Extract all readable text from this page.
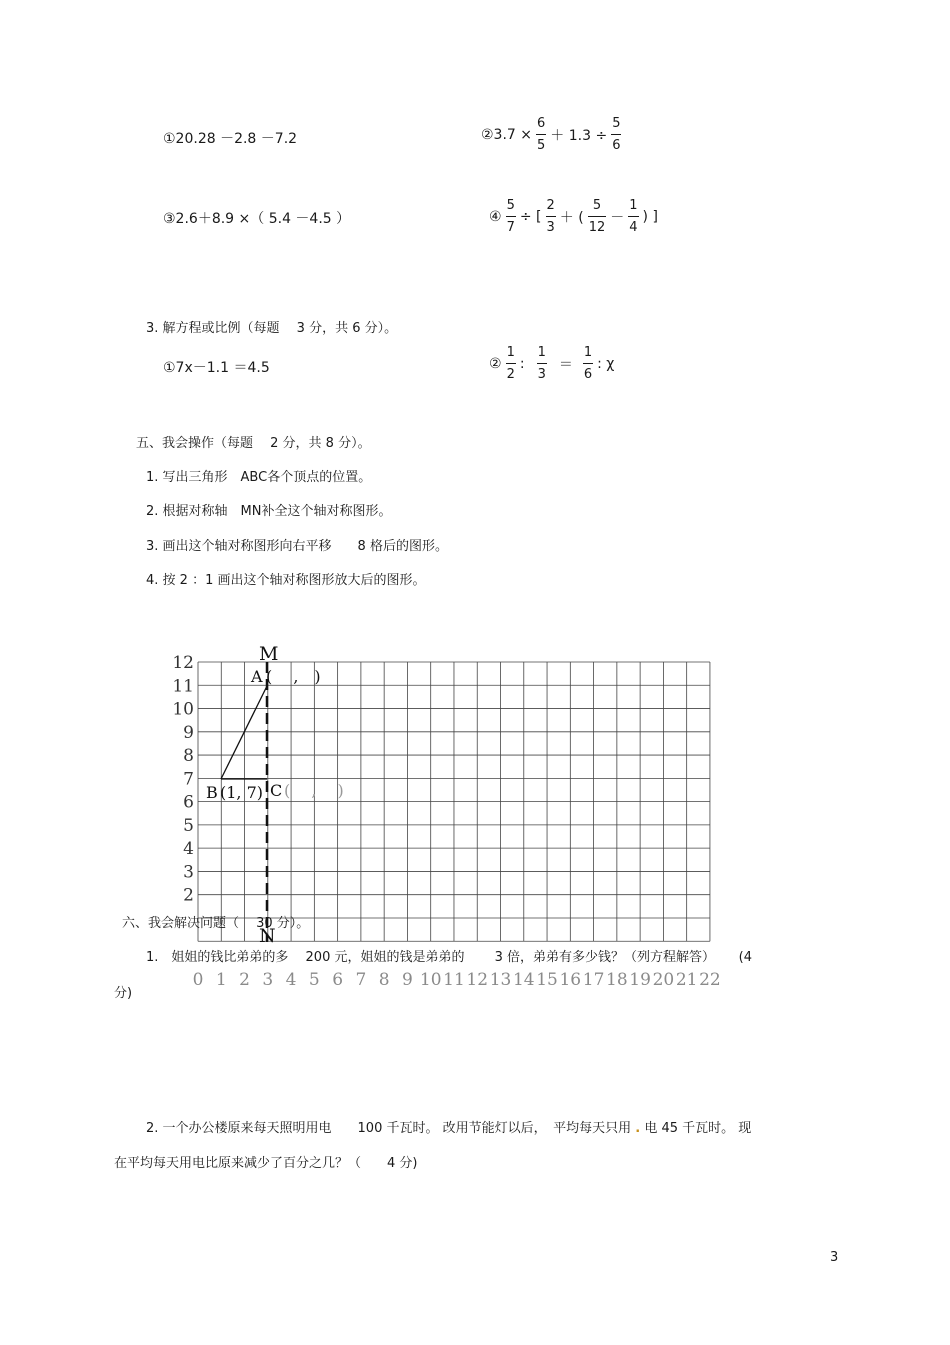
①20.28 －2.8 －7.2	②3.7 × $\frac{6}{5} + 1.3 \div \frac{5}{6}$
③2.6＋8.9 ×（ 5.4 －4.5 ）	④ $\frac{5}{7}$ ÷ [ $\frac{2}{3}$ ＋ ( $\frac{5}{12} - \frac{1}{4}$ ) ]
3. 解方程或比例（每题　 3 分，共 6 分）。
①7x－1.1 ＝4.5	② $\frac{1}{2}$ : $\frac{1}{3} = \frac{1}{6}$ : χ
五、我会操作（每题　 2 分，共 8 分）。
1. 写出三角形　ABC各个顶点的位置。
2. 根据对称轴　MN补全这个轴对称图形。
3. 画出这个轴对称图形向右平移　　8 格后的图形。
4. 按 2 ：1 画出这个轴对称图形放大后的图形。
12
11
10
9
8
7
6
5
4
3
2
0 1 2 3 4 5 6 7 8 9 10 11 12 13 14 15 16 17 18 19 20 21 22
M
N
A (　 ,　)
B (1, 7) C (　 ,　 )
六、我会解决问题（　 30 分）。
1.　姐姐的钱比弟弟的多　 200 元，姐姐的钱是弟弟的　　 3 倍，弟弟有多少钱？（列方程解答）　　 (4
分)
2. 一个办公楼原来每天照明用电　　100 千瓦时。 改用节能灯以后，　平均每天只用 . 电 45 千瓦时。 现
在平均每天用电比原来减少了百分之几？（　　4 分)
3
